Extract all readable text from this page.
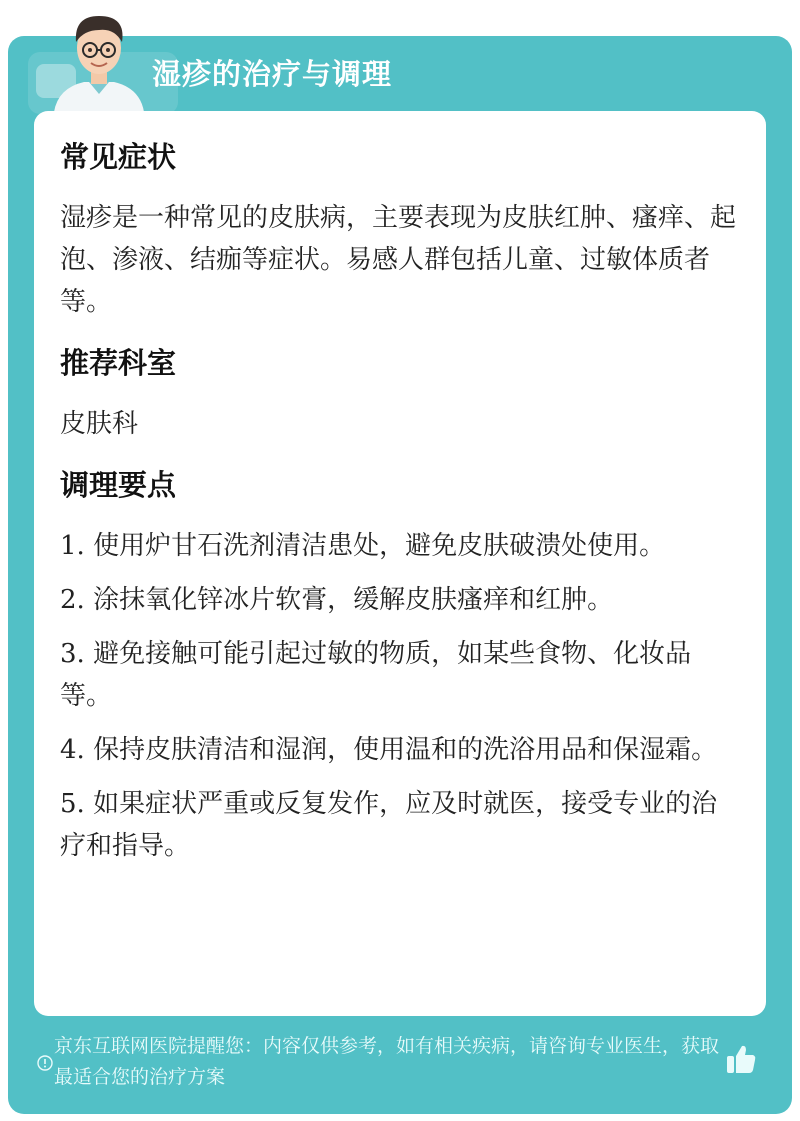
湿疹的治疗与调理
常见症状

湿疹是一种常见的皮肤病，主要表现为皮肤红肿、瘙痒、起泡、渗液、结痂等症状。易感人群包括儿童、过敏体质者等。

推荐科室

皮肤科

调理要点

1. 使用炉甘石洗剂清洁患处，避免皮肤破溃处使用。

2. 涂抹氧化锌冰片软膏，缓解皮肤瘙痒和红肿。

3. 避免接触可能引起过敏的物质，如某些食物、化妆品等。

4. 保持皮肤清洁和湿润，使用温和的洗浴用品和保湿霜。

5. 如果症状严重或反复发作，应及时就医，接受专业的治疗和指导。

京东互联网医院提醒您：内容仅供参考，如有相关疾病，请咨询专业医生，获取最适合您的治疗方案
